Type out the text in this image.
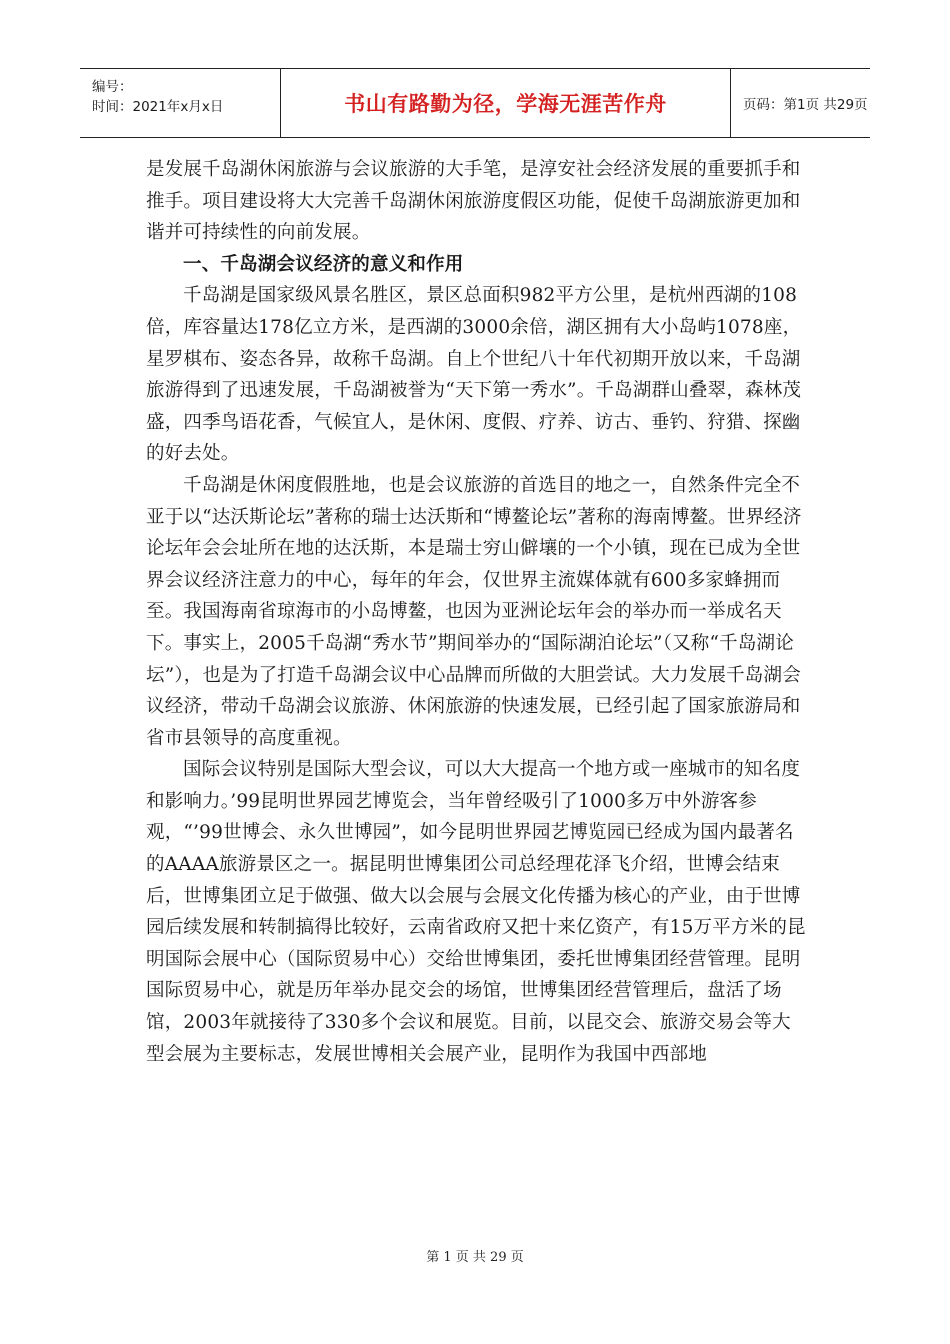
编号：
时间：2021年x月x日	书山有路勤为径，学海无涯苦作舟	页码：第1页 共29页

是发展千岛湖休闲旅游与会议旅游的大手笔，是淳安社会经济发展的重要抓手和推手。项目建设将大大完善千岛湖休闲旅游度假区功能，促使千岛湖旅游更加和谐并可持续性的向前发展。

一、千岛湖会议经济的意义和作用

千岛湖是国家级风景名胜区，景区总面积982平方公里，是杭州西湖的108倍，库容量达178亿立方米，是西湖的3000余倍，湖区拥有大小岛屿1078座，星罗棋布、姿态各异，故称千岛湖。自上个世纪八十年代初期开放以来，千岛湖旅游得到了迅速发展，千岛湖被誉为“天下第一秀水”。千岛湖群山叠翠，森林茂盛，四季鸟语花香，气候宜人，是休闲、度假、疗养、访古、垂钓、狩猎、探幽的好去处。

千岛湖是休闲度假胜地，也是会议旅游的首选目的地之一，自然条件完全不亚于以“达沃斯论坛”著称的瑞士达沃斯和“博鳌论坛”著称的海南博鳌。世界经济论坛年会会址所在地的达沃斯，本是瑞士穷山僻壤的一个小镇，现在已成为全世界会议经济注意力的中心，每年的年会，仅世界主流媒体就有600多家蜂拥而至。我国海南省琼海市的小岛博鳌，也因为亚洲论坛年会的举办而一举成名天下。事实上，2005千岛湖“秀水节”期间举办的“国际湖泊论坛”（又称“千岛湖论坛”），也是为了打造千岛湖会议中心品牌而所做的大胆尝试。大力发展千岛湖会议经济，带动千岛湖会议旅游、休闲旅游的快速发展，已经引起了国家旅游局和省市县领导的高度重视。

国际会议特别是国际大型会议，可以大大提高一个地方或一座城市的知名度和影响力。’99昆明世界园艺博览会，当年曾经吸引了1000多万中外游客参观，“’99世博会、永久世博园”，如今昆明世界园艺博览园已经成为国内最著名的AAAA旅游景区之一。据昆明世博集团公司总经理花泽飞介绍，世博会结束后，世博集团立足于做强、做大以会展与会展文化传播为核心的产业，由于世博园后续发展和转制搞得比较好，云南省政府又把十来亿资产，有15万平方米的昆明国际会展中心（国际贸易中心）交给世博集团，委托世博集团经营管理。昆明国际贸易中心，就是历年举办昆交会的场馆，世博集团经营管理后，盘活了场馆，2003年就接待了330多个会议和展览。目前，以昆交会、旅游交易会等大型会展为主要标志，发展世博相关会展产业，昆明作为我国中西部地

第 1 页 共 29 页
